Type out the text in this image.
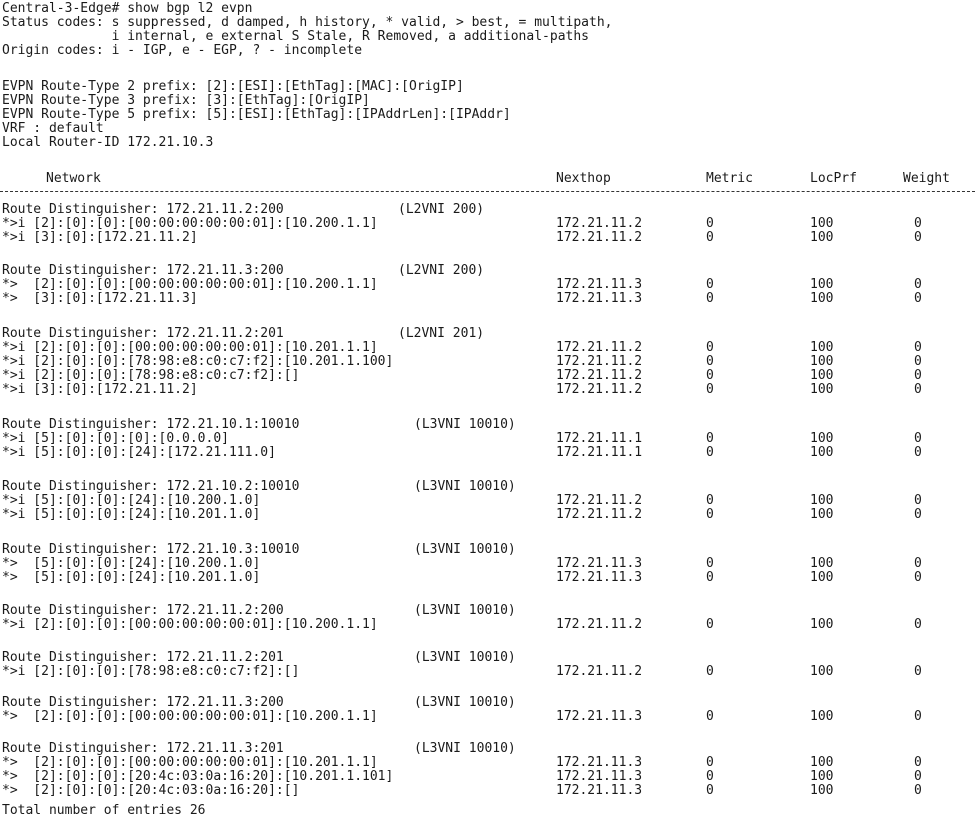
Central-3-Edge# show bgp l2 evpn
Status codes: s suppressed, d damped, h history, * valid, > best, = multipath,
i internal, e external S Stale, R Removed, a additional-paths
Origin codes: i - IGP, e - EGP, ? - incomplete
EVPN Route-Type 2 prefix: [2]:[ESI]:[EthTag]:[MAC]:[OrigIP]
EVPN Route-Type 3 prefix: [3]:[EthTag]:[OrigIP]
EVPN Route-Type 5 prefix: [5]:[ESI]:[EthTag]:[IPAddrLen]:[IPAddr]
VRF : default
Local Router-ID 172.21.10.3
Network	Nexthop	Metric	LocPrf	Weight
Route Distinguisher: 172.21.11.2:200	(L2VNI 200)
*>i [2]:[0]:[0]:[00:00:00:00:00:01]:[10.200.1.1]	172.21.11.2	0	100	0
*>i [3]:[0]:[172.21.11.2]	172.21.11.2	0	100	0
Route Distinguisher: 172.21.11.3:200	(L2VNI 200)
*>  [2]:[0]:[0]:[00:00:00:00:00:01]:[10.200.1.1]	172.21.11.3	0	100	0
*>  [3]:[0]:[172.21.11.3]	172.21.11.3	0	100	0
Route Distinguisher: 172.21.11.2:201	(L2VNI 201)
*>i [2]:[0]:[0]:[00:00:00:00:00:01]:[10.201.1.1]	172.21.11.2	0	100	0
*>i [2]:[0]:[0]:[78:98:e8:c0:c7:f2]:[10.201.1.100]	172.21.11.2	0	100	0
*>i [2]:[0]:[0]:[78:98:e8:c0:c7:f2]:[]	172.21.11.2	0	100	0
*>i [3]:[0]:[172.21.11.2]	172.21.11.2	0	100	0
Route Distinguisher: 172.21.10.1:10010	(L3VNI 10010)
*>i [5]:[0]:[0]:[0]:[0.0.0.0]	172.21.11.1	0	100	0
*>i [5]:[0]:[0]:[24]:[172.21.111.0]	172.21.11.1	0	100	0
Route Distinguisher: 172.21.10.2:10010	(L3VNI 10010)
*>i [5]:[0]:[0]:[24]:[10.200.1.0]	172.21.11.2	0	100	0
*>i [5]:[0]:[0]:[24]:[10.201.1.0]	172.21.11.2	0	100	0
Route Distinguisher: 172.21.10.3:10010	(L3VNI 10010)
*>  [5]:[0]:[0]:[24]:[10.200.1.0]	172.21.11.3	0	100	0
*>  [5]:[0]:[0]:[24]:[10.201.1.0]	172.21.11.3	0	100	0
Route Distinguisher: 172.21.11.2:200	(L3VNI 10010)
*>i [2]:[0]:[0]:[00:00:00:00:00:01]:[10.200.1.1]	172.21.11.2	0	100	0
Route Distinguisher: 172.21.11.2:201	(L3VNI 10010)
*>i [2]:[0]:[0]:[78:98:e8:c0:c7:f2]:[]	172.21.11.2	0	100	0
Route Distinguisher: 172.21.11.3:200	(L3VNI 10010)
*>  [2]:[0]:[0]:[00:00:00:00:00:01]:[10.200.1.1]	172.21.11.3	0	100	0
Route Distinguisher: 172.21.11.3:201	(L3VNI 10010)
*>  [2]:[0]:[0]:[00:00:00:00:00:01]:[10.201.1.1]	172.21.11.3	0	100	0
*>  [2]:[0]:[0]:[20:4c:03:0a:16:20]:[10.201.1.101]	172.21.11.3	0	100	0
*>  [2]:[0]:[0]:[20:4c:03:0a:16:20]:[]	172.21.11.3	0	100	0
Total number of entries 26
